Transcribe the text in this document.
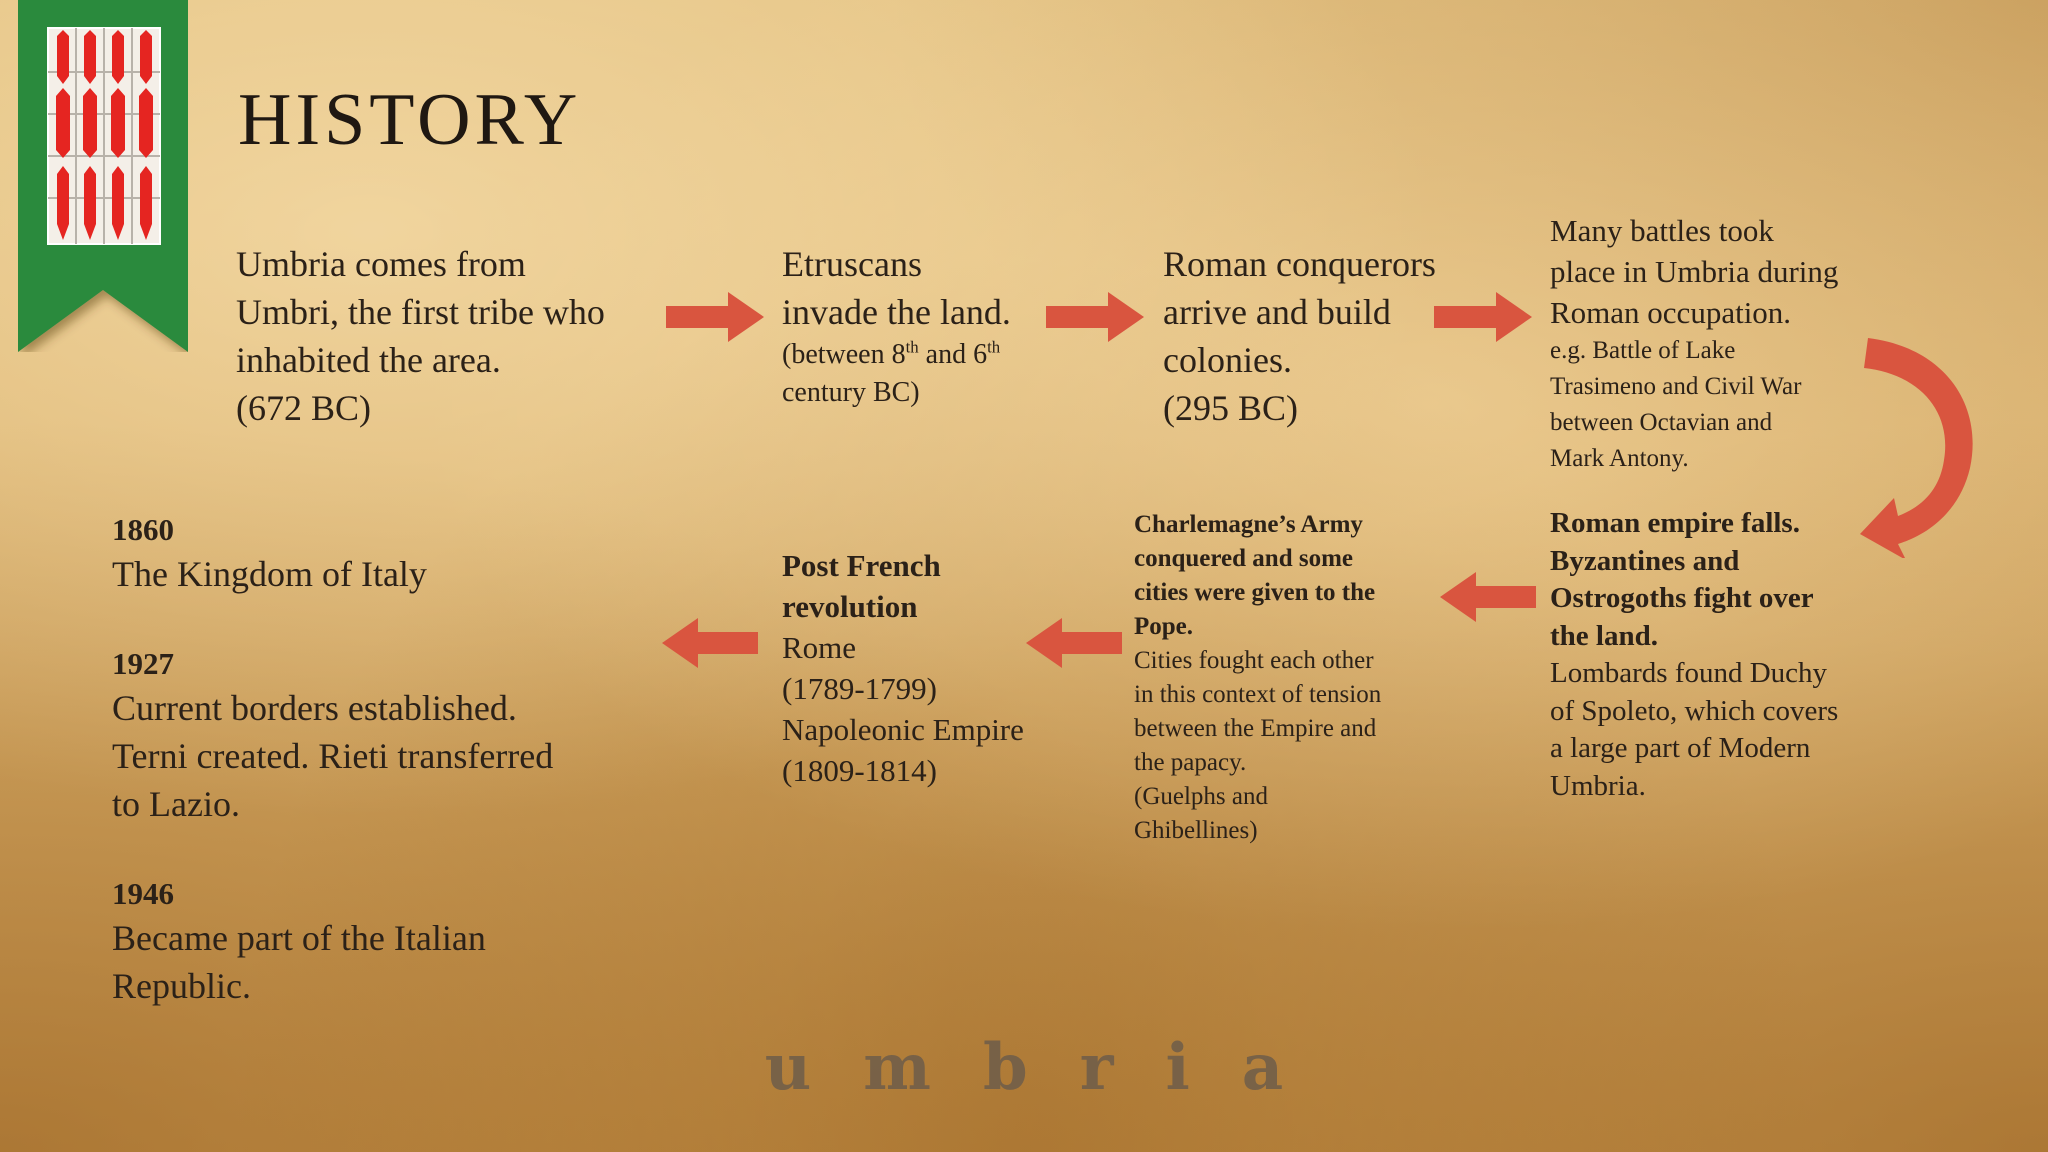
HISTORY
Umbria comes from
Umbri, the first tribe who
inhabited the area.
(672 BC)
Etruscans
invade the land.
(between 8th and 6th
century BC)
Roman conquerors
arrive and build
colonies.
(295 BC)
Many battles took
place in Umbria during
Roman occupation.
e.g. Battle of Lake
Trasimeno and Civil War
between Octavian and
Mark Antony.
Roman empire falls.
Byzantines and
Ostrogoths fight over
the land.
Lombards found Duchy
of Spoleto, which covers
a large part of Modern
Umbria.
Charlemagne’s Army
conquered and some
cities were given to the
Pope.
Cities fought each other
in this context of tension
between the Empire and
the papacy.
(Guelphs and
Ghibellines)
Post French
revolution
Rome
(1789-1799)
Napoleonic Empire
(1809-1814)
1860
The Kingdom of Italy
1927
Current borders established.
Terni created. Rieti transferred
to Lazio.
1946
Became part of the Italian
Republic.
u m b r i a
